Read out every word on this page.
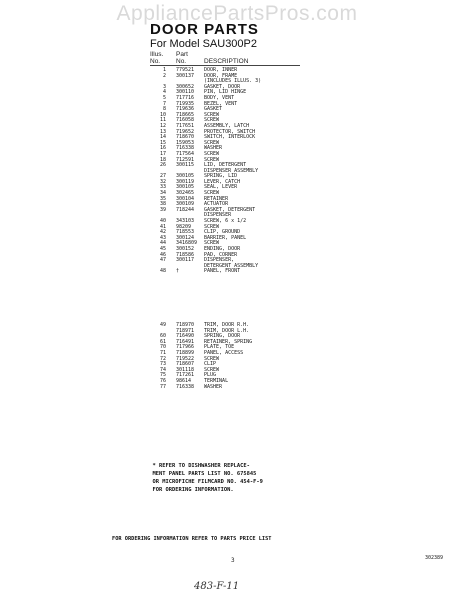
AppliancePartsPros.com
DOOR PARTS
For Model SAU300P2
Illus. Part
No. No.	DESCRIPTION
1 779521 DOOR, INNER
2 300137 DOOR, FRAME
(INCLUDES ILLUS. 3)
3 300652 GASKET, DOOR
4 300110 PIN, LID HINGE
5 717716 BODY, VENT
7 719935 BEZEL, VENT
8 719636 GASKET
10 718665 SCREW
11 716058 SCREW
12 717651 ASSEMBLY, LATCH
13 719652 PROTECTOR, SWITCH
14 718670 SWITCH, INTERLOCK
15 159053 SCREW
16 716338 WASHER
17 717564 SCREW
18 712591 SCREW
26 300115 LID, DETERGENT
DISPENSER ASSEMBLY
27 300105 SPRING, LID
32 300119 LEVER, CATCH
33 300105 SEAL, LEVER
34 302465 SCREW
35 300104 RETAINER
38 300109 ACTUATOR
39 718244 GASKET, DETERGENT
DISPENSER
40 343103 SCREW, 6 x 1/2
41 98209	SCREW
42 718553 CLIP, GROUND
43 300124 BARRIER, PANEL
44 3416809 SCREW
45 300152 ENDING, DOOR
46 718586 PAD, CORNER
47 300117 DISPENSER,
DETERGENT ASSEMBLY
48 †	PANEL, FRONT
49 718970 TRIM, DOOR R.H.
718971 TRIM, DOOR L.H.
60 716490 SPRING, DOOR
61 716491 RETAINER, SPRING
70 717966 PLATE, TOE
71 718899 PANEL, ACCESS
72 719522 SCREW
73 718607 CLIP
74 301118 SCREW
75 717261 PLUG
76 98614	TERMINAL
77 716338 WASHER
* REFER TO DISHWASHER REPLACE-
MENT PANEL PARTS LIST NO. 675845
OR MICROFICHE FILMCARD NO. 454-F-9
FOR ORDERING INFORMATION.
FOR ORDERING INFORMATION REFER TO PARTS PRICE LIST
3	302389
483-F-11
